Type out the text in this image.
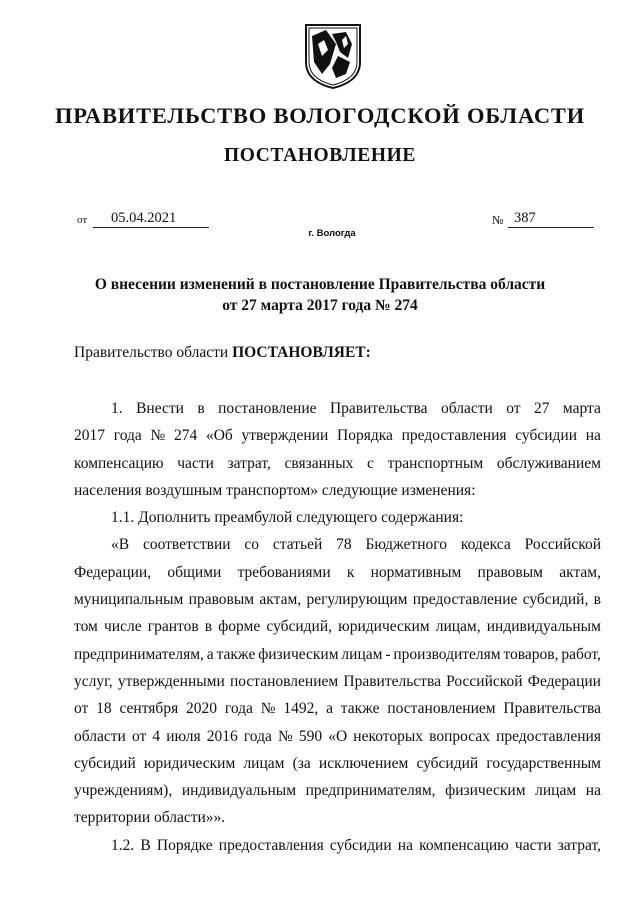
ПРАВИТЕЛЬСТВО ВОЛОГОДСКОЙ ОБЛАСТИ
ПОСТАНОВЛЕНИЕ
от	05.04.2021	№ 387
г. Вологда
О внесении изменений в постановление Правительства области
от 27 марта 2017 года № 274
Правительство области ПОСТАНОВЛЯЕТ:
1. Внести в постановление Правительства области от 27 марта
2017 года № 274 «Об утверждении Порядка предоставления субсидии на
компенсацию части затрат, связанных с транспортным обслуживанием
населения воздушным транспортом» следующие изменения:
1.1. Дополнить преамбулой следующего содержания:
«В соответствии со статьей 78 Бюджетного кодекса Российской
Федерации, общими требованиями к нормативным правовым актам,
муниципальным правовым актам, регулирующим предоставление субсидий, в
том числе грантов в форме субсидий, юридическим лицам, индивидуальным
предпринимателям, а также физическим лицам - производителям товаров, работ,
услуг, утвержденными постановлением Правительства Российской Федерации
от 18 сентября 2020 года № 1492, а также постановлением Правительства
области от 4 июля 2016 года № 590 «О некоторых вопросах предоставления
субсидий юридическим лицам (за исключением субсидий государственным
учреждениям), индивидуальным предпринимателям, физическим лицам на
территории области»».
1.2. В Порядке предоставления субсидии на компенсацию части затрат,
